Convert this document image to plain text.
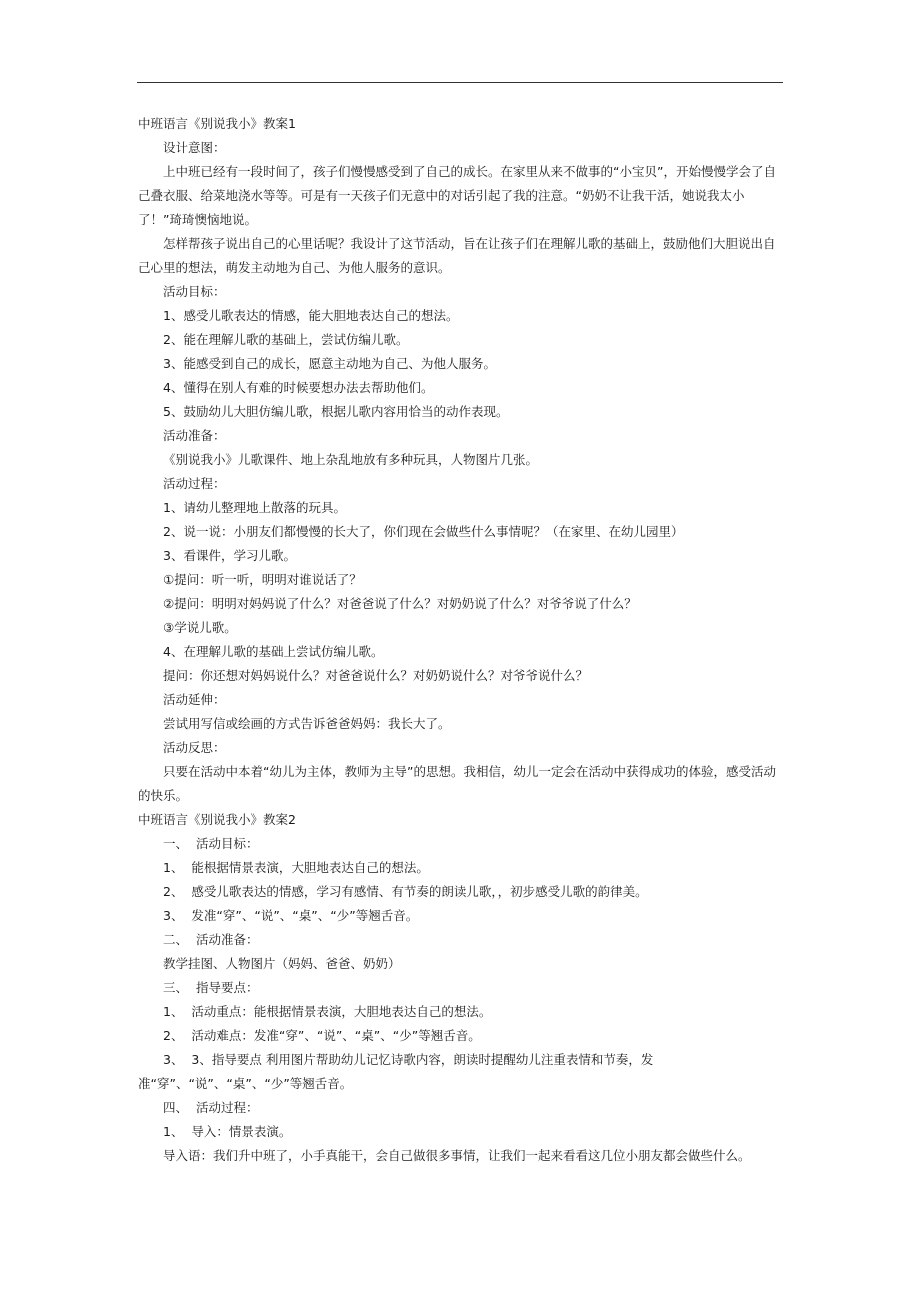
中班语言《别说我小》教案1

设计意图：

上中班已经有一段时间了，孩子们慢慢感受到了自己的成长。在家里从来不做事的“小宝贝”，开始慢慢学会了自己叠衣服、给菜地浇水等等。可是有一天孩子们无意中的对话引起了我的注意。“奶奶不让我干活，她说我太小了！”琦琦懊恼地说。

怎样帮孩子说出自己的心里话呢？我设计了这节活动，旨在让孩子们在理解儿歌的基础上，鼓励他们大胆说出自己心里的想法，萌发主动地为自己、为他人服务的意识。

活动目标：

1、感受儿歌表达的情感，能大胆地表达自己的想法。

2、能在理解儿歌的基础上，尝试仿编儿歌。

3、能感受到自己的成长，愿意主动地为自己、为他人服务。

4、懂得在别人有难的时候要想办法去帮助他们。

5、鼓励幼儿大胆仿编儿歌，根据儿歌内容用恰当的动作表现。

活动准备：

《别说我小》儿歌课件、地上杂乱地放有多种玩具，人物图片几张。

活动过程：

1、请幼儿整理地上散落的玩具。

2、说一说：小朋友们都慢慢的长大了，你们现在会做些什么事情呢？（在家里、在幼儿园里）

3、看课件，学习儿歌。

①提问：听一听，明明对谁说话了？

②提问：明明对妈妈说了什么？对爸爸说了什么？对奶奶说了什么？对爷爷说了什么？

③学说儿歌。

4、在理解儿歌的基础上尝试仿编儿歌。

提问：你还想对妈妈说什么？对爸爸说什么？对奶奶说什么？对爷爷说什么？

活动延伸：

尝试用写信或绘画的方式告诉爸爸妈妈：我长大了。

活动反思：

只要在活动中本着“幼儿为主体，教师为主导”的思想。我相信，幼儿一定会在活动中获得成功的体验，感受活动的快乐。

中班语言《别说我小》教案2

一、  活动目标：

1、  能根据情景表演，大胆地表达自己的想法。

2、  感受儿歌表达的情感，学习有感情、有节奏的朗读儿歌，，初步感受儿歌的韵律美。

3、  发准“穿”、“说”、“桌”、“少”等翘舌音。

二、  活动准备：

教学挂图、人物图片（妈妈、爸爸、奶奶）

三、  指导要点：

1、  活动重点：能根据情景表演，大胆地表达自己的想法。

2、  活动难点：发准“穿”、“说”、“桌”、“少”等翘舌音。

3、  3、指导要点 利用图片帮助幼儿记忆诗歌内容，朗读时提醒幼儿注重表情和节奏，发准“穿”、“说”、“桌”、“少”等翘舌音。

四、  活动过程：

1、  导入：情景表演。

导入语：我们升中班了，小手真能干，会自己做很多事情，让我们一起来看看这几位小朋友都会做些什么。
